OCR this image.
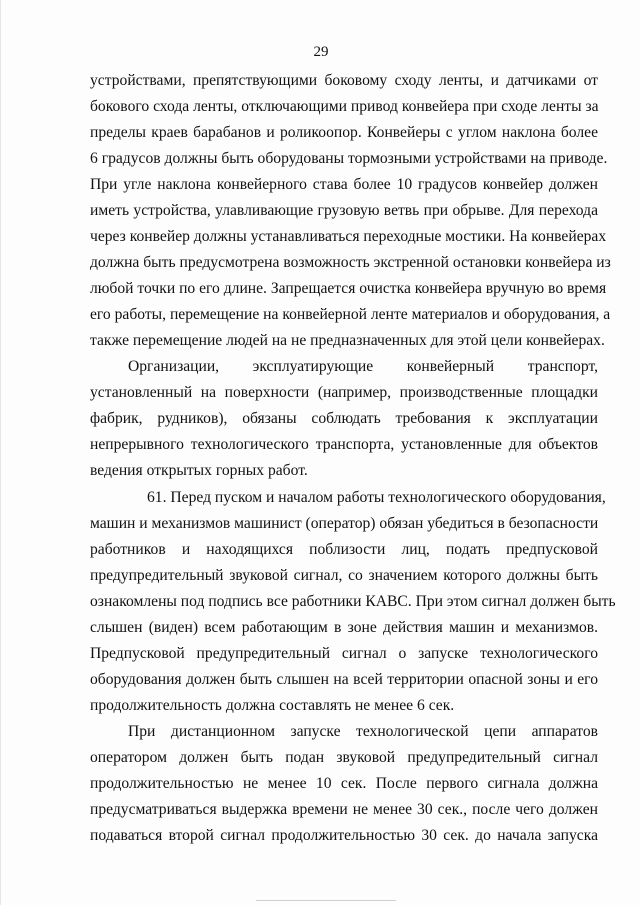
29
устройствами, препятствующими боковому сходу ленты, и датчиками от
бокового схода ленты, отключающими привод конвейера при сходе ленты за
пределы краев барабанов и роликоопор. Конвейеры с углом наклона более
6 градусов должны быть оборудованы тормозными устройствами на приводе.
При угле наклона конвейерного става более 10 градусов конвейер должен
иметь устройства, улавливающие грузовую ветвь при обрыве. Для перехода
через конвейер должны устанавливаться переходные мостики. На конвейерах
должна быть предусмотрена возможность экстренной остановки конвейера из
любой точки по его длине. Запрещается очистка конвейера вручную во время
его работы, перемещение на конвейерной ленте материалов и оборудования, а
также перемещение людей на не предназначенных для этой цели конвейерах.
Организации, эксплуатирующие конвейерный транспорт,
установленный на поверхности (например, производственные площадки
фабрик, рудников), обязаны соблюдать требования к эксплуатации
непрерывного технологического транспорта, установленные для объектов
ведения открытых горных работ.
61. Перед пуском и началом работы технологического оборудования,
машин и механизмов машинист (оператор) обязан убедиться в безопасности
работников и находящихся поблизости лиц, подать предпусковой
предупредительный звуковой сигнал, со значением которого должны быть
ознакомлены под подпись все работники КАВС. При этом сигнал должен быть
слышен (виден) всем работающим в зоне действия машин и механизмов.
Предпусковой предупредительный сигнал о запуске технологического
оборудования должен быть слышен на всей территории опасной зоны и его
продолжительность должна составлять не менее 6 сек.
При дистанционном запуске технологической цепи аппаратов
оператором должен быть подан звуковой предупредительный сигнал
продолжительностью не менее 10 сек. После первого сигнала должна
предусматриваться выдержка времени не менее 30 сек., после чего должен
подаваться второй сигнал продолжительностью 30 сек. до начала запуска
